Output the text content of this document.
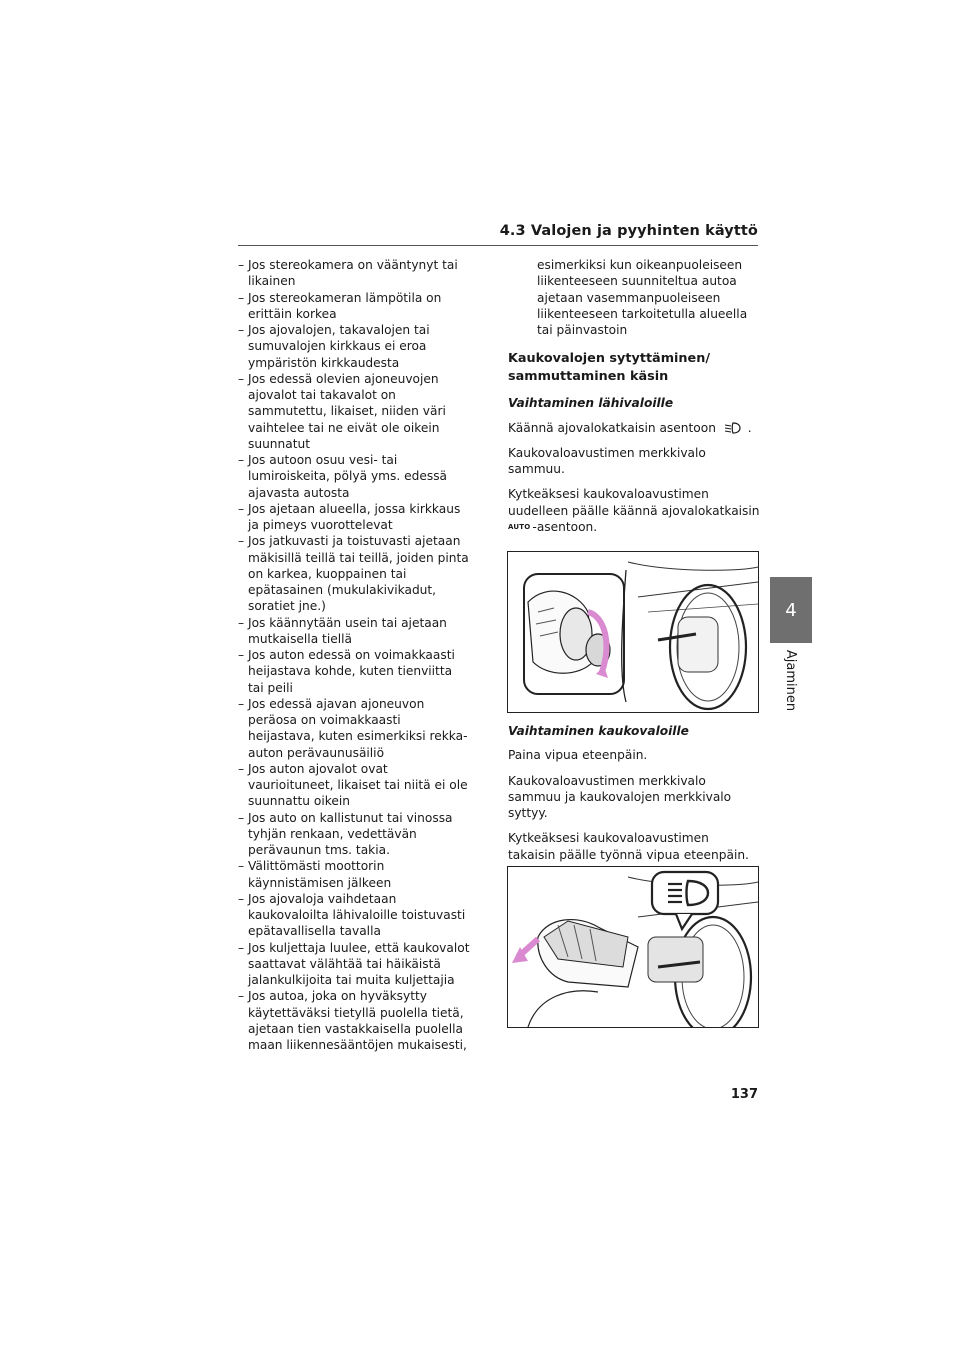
4.3 Valojen ja pyyhinten käyttö
4
Ajaminen
– Jos stereokamera on vääntynyt tai likainen
– Jos stereokameran lämpötila on erittäin korkea
– Jos ajovalojen, takavalojen tai sumuvalojen kirkkaus ei eroa ympäristön kirkkaudesta
– Jos edessä olevien ajoneuvojen ajovalot tai takavalot on sammutettu, likaiset, niiden väri vaihtelee tai ne eivät ole oikein suunnatut
– Jos autoon osuu vesi- tai lumiroiskeita, pölyä yms. edessä ajavasta autosta
– Jos ajetaan alueella, jossa kirkkaus ja pimeys vuorottelevat
– Jos jatkuvasti ja toistuvasti ajetaan mäkisillä teillä tai teillä, joiden pinta on karkea, kuoppainen tai epätasainen (mukulakivikadut, soratiet jne.)
– Jos käännytään usein tai ajetaan mutkaisella tiellä
– Jos auton edessä on voimakkaasti heijastava kohde, kuten tienviitta tai peili
– Jos edessä ajavan ajoneuvon peräosa on voimakkaasti heijastava, kuten esimerkiksi rekka-auton perävaunusäiliö
– Jos auton ajovalot ovat vaurioituneet, likaiset tai niitä ei ole suunnattu oikein
– Jos auto on kallistunut tai vinossa tyhjän renkaan, vedettävän perävaunun tms. takia.
– Välittömästi moottorin käynnistämisen jälkeen
– Jos ajovaloja vaihdetaan kaukovaloilta lähivaloille toistuvasti epätavallisella tavalla
– Jos kuljettaja luulee, että kaukovalot saattavat välähtää tai häikäistä jalankulkijoita tai muita kuljettajia
– Jos autoa, joka on hyväksytty käytettäväksi tietyllä puolella tietä, ajetaan tien vastakkaisella puolella maan liikennesääntöjen mukaisesti,
esimerkiksi kun oikeanpuoleiseen liikenteeseen suunniteltua autoa ajetaan vasemmanpuoleiseen liikenteeseen tarkoitetulla alueella tai päinvastoin
Kaukovalojen sytyttäminen/ sammuttaminen käsin
Vaihtaminen lähivaloille
Käännä ajovalokatkaisin asentoon	.
Kaukovaloavustimen merkkivalo sammuu.
Kytkeäksesi kaukovaloavustimen uudelleen päälle käännä ajovalokatkaisin
AUTO -asentoon.
Vaihtaminen kaukovaloille
Paina vipua eteenpäin.
Kaukovaloavustimen merkkivalo sammuu ja kaukovalojen merkkivalo syttyy.
Kytkeäksesi kaukovaloavustimen takaisin päälle työnnä vipua eteenpäin.
137
